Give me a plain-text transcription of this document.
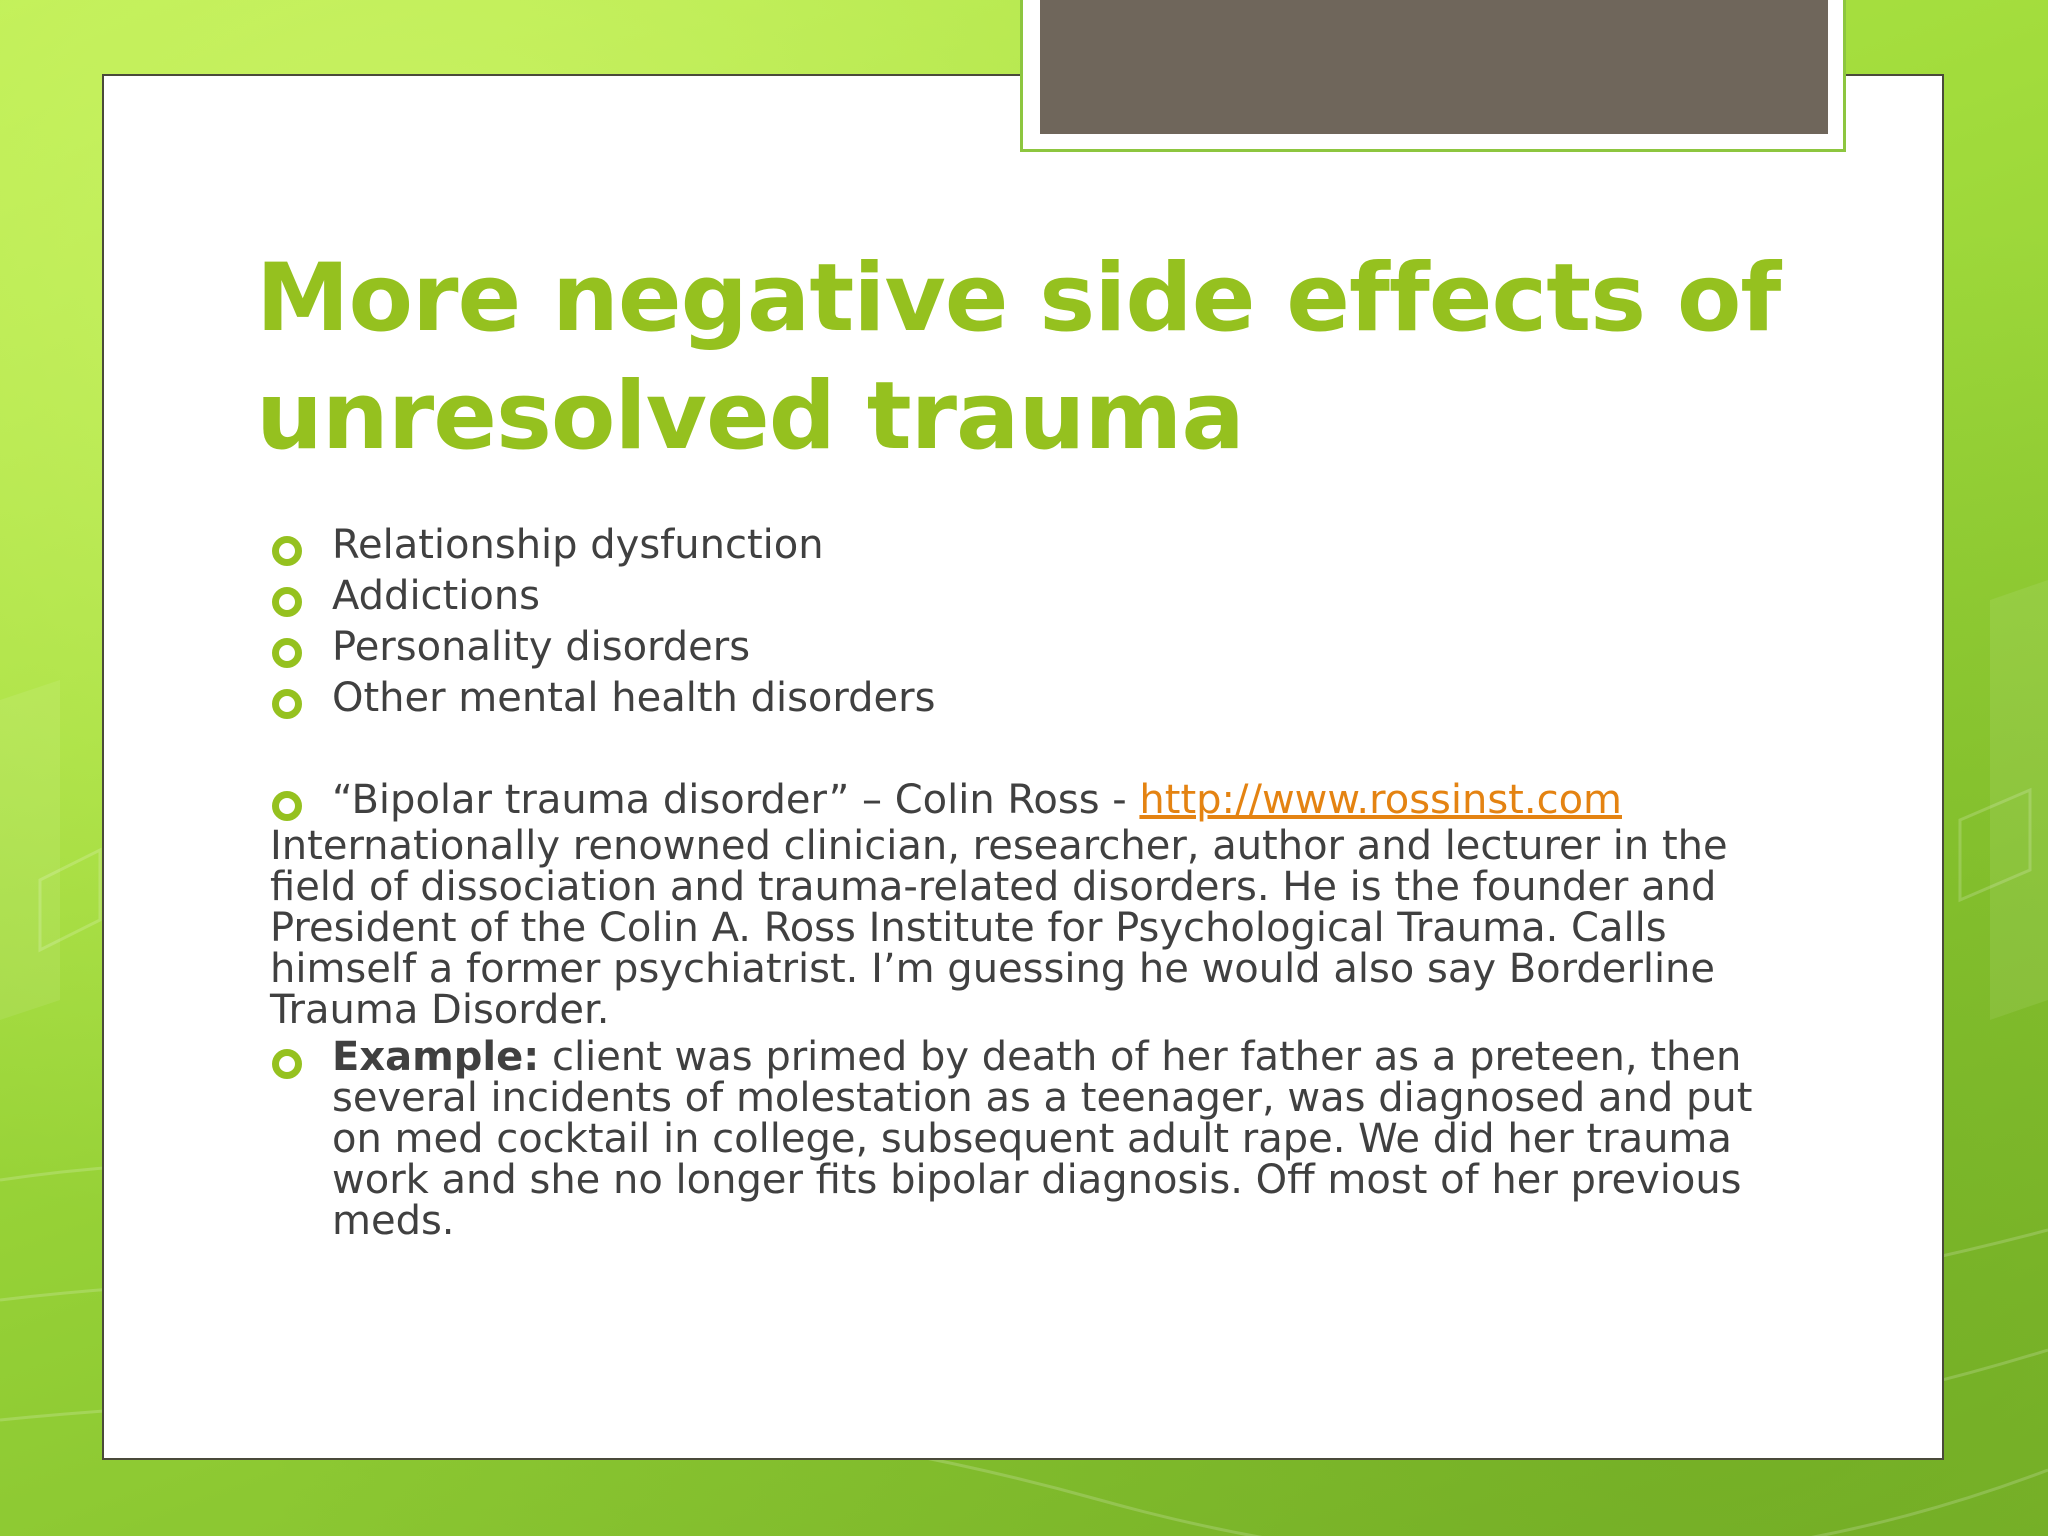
More negative side effects of unresolved trauma
Relationship dysfunction
Addictions
Personality disorders
Other mental health disorders
“Bipolar trauma disorder” – Colin Ross - http://www.rossinst.com

Internationally renowned clinician, researcher, author and lecturer in the field of dissociation and trauma-related disorders. He is the founder and President of the Colin A. Ross Institute for Psychological Trauma. Calls himself a former psychiatrist. I’m guessing he would also say Borderline Trauma Disorder.

Example: client was primed by death of her father as a preteen, then several incidents of molestation as a teenager, was diagnosed and put on med cocktail in college, subsequent adult rape. We did her trauma work and she no longer fits bipolar diagnosis. Off most of her previous meds.
